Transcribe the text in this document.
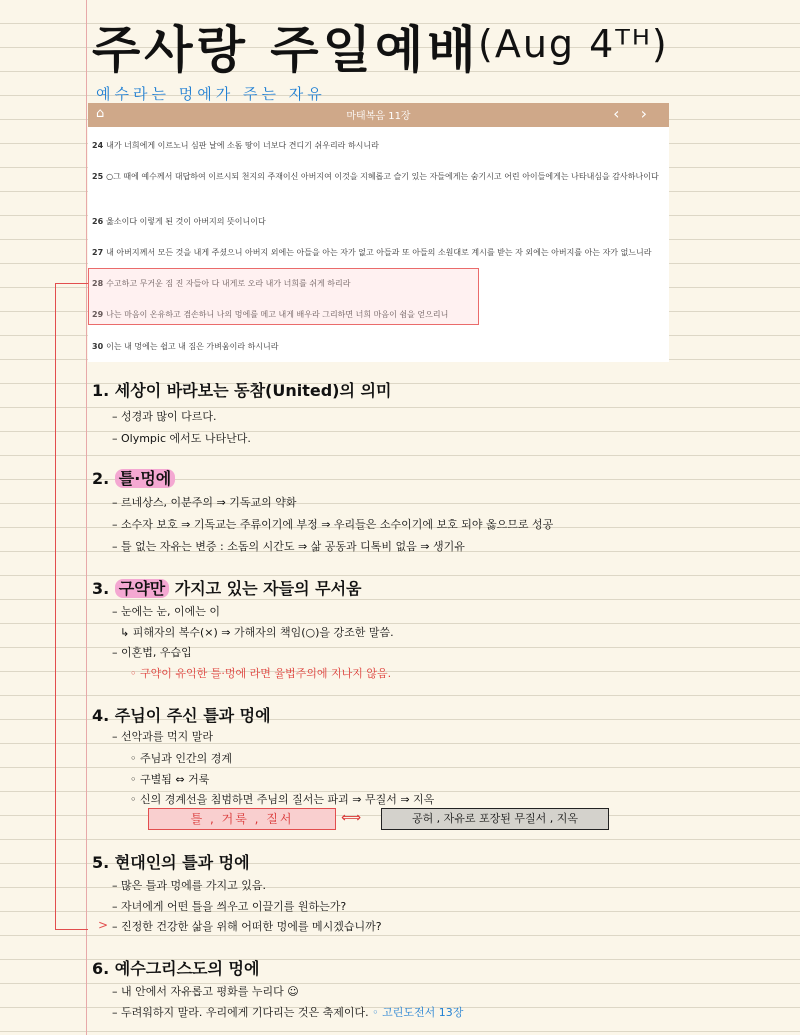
주사랑 주일예배
(Aug 4ᵀᴴ)
예수라는 멍에가 주는 자유
⌂	마태복음 11장	‹ ›
24 내가 너희에게 이르노니 심판 날에 소돔 땅이 너보다 견디기 쉬우리라 하시니라
25 ○그 때에 예수께서 대답하여 이르시되 천지의 주재이신 아버지여 이것을 지혜롭고 슬기 있는 자들에게는 숨기시고 어린 아이들에게는 나타내심을 감사하나이다
26 옳소이다 이렇게 된 것이 아버지의 뜻이니이다
27 내 아버지께서 모든 것을 내게 주셨으니 아버지 외에는 아들을 아는 자가 없고 아들과 또 아들의 소원대로 계시를 받는 자 외에는 아버지를 아는 자가 없느니라
28 수고하고 무거운 짐 진 자들아 다 내게로 오라 내가 너희를 쉬게 하리라
29 나는 마음이 온유하고 겸손하니 나의 멍에를 메고 내게 배우라 그리하면 너희 마음이 쉼을 얻으리니
30 이는 내 멍에는 쉽고 내 짐은 가벼움이라 하시니라
>
1. 세상이 바라보는 동참(United)의 의미
– 성경과 많이 다르다.
– Olympic 에서도 나타난다.
2. 틀·멍에
– 르네상스, 이분주의 ⇒ 기독교의 약화
– 소수자 보호 ⇒ 기독교는 주류이기에 부정 ⇒ 우리들은 소수이기에 보호 되야 옳으므로 성공
– 틀 없는 자유는 변증 : 소돔의 시간도 ⇒ 삶 공동과 디톡비 없음 ⇒ 생기유
3. 구약만 가지고 있는 자들의 무서움
– 눈에는 눈, 이에는 이
↳ 피해자의 복수(×) ⇒ 가해자의 책임(○)을 강조한 말씀.
– 이혼법, 우습입
◦ 구약이 유익한 틀·멍에 라면 율법주의에 지나지 않음.
4. 주님이 주신 틀과 멍에
– 선악과를 먹지 말라
◦ 주님과 인간의 경계
◦ 구별됨 ⇔ 거룩
◦ 신의 경계선을 침범하면 주님의 질서는 파괴 ⇒ 무질서 ⇒ 지옥
틀 , 거룩 , 질서	⟺	공허 , 자유로 포장된 무질서 , 지옥
5. 현대인의 틀과 멍에
– 많은 틀과 멍에를 가지고 있음.
– 자녀에게 어떤 틀을 씌우고 이끌기를 원하는가?
– 진정한 건강한 삶을 위해 어떠한 멍에를 메시겠습니까?
6. 예수그리스도의 멍에
– 내 안에서 자유롭고 평화를 누리다 ☺
– 두려워하지 말라. 우리에게 기다리는 것은 축제이다. ◦ 고린도전서 13장
